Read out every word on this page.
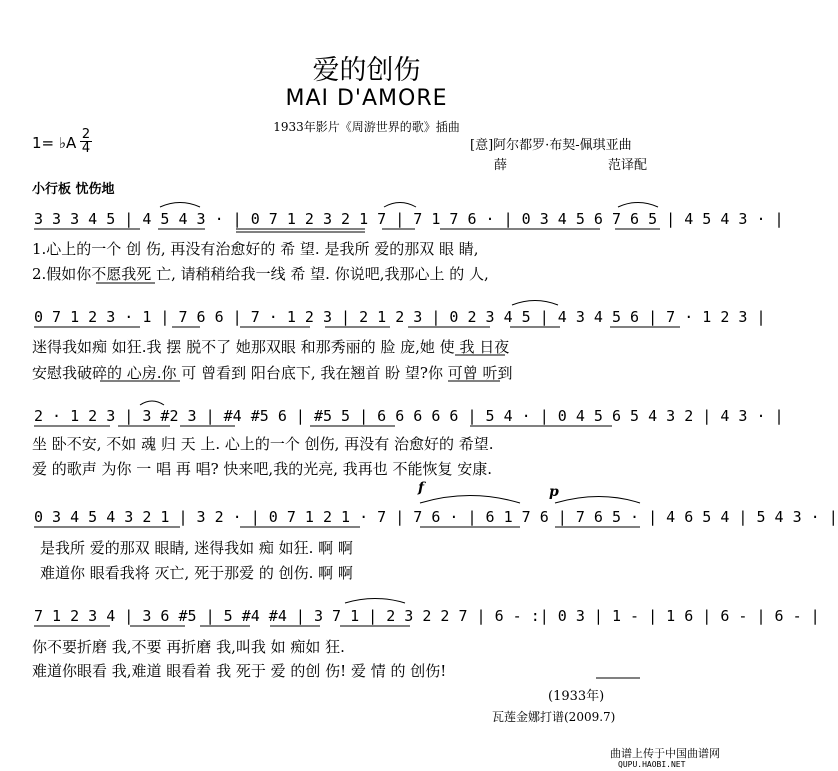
爱的创伤
MAI D'AMORE
1933年影片《周游世界的歌》插曲
1= ♭A 2
4	[意]阿尔都罗·布契-佩琪亚曲
薛	范译配
小行板 忧伤地
3 3 3 4 5 | 4 5 4 3 · | 0 7 1 2 3 2 1 7 | 7 1 7 6 · | 0 3 4 5 6 7 6 5 | 4 5 4 3 · |
1.心上的一个 创 伤, 再没有治愈好的 希 望. 是我所 爱的那双 眼 睛,
2.假如你不愿我死 亡, 请稍稍给我一线 希 望. 你说吧,我那心上 的 人,
0 7 1 2 3 · 1 | 7 6 6 | 7 · 1 2 3 | 2 1 2 3 | 0 2 3 4 5 | 4 3 4 5 6 | 7 · 1 2 3 |
迷得我如痴 如狂.我 摆 脱不了 她那双眼 和那秀丽的 脸 庞,她 使 我 日夜
安慰我破碎的 心房.你 可 曾看到 阳台底下, 我在翘首 盼 望?你 可曾 听到
2 · 1 2 3 | 3 #2 3 | #4 #5 6 | #5 5 | 6 6 6 6 6 | 5 4 · | 0 4 5 6 5 4 3 2 | 4 3 · |
坐 卧不安, 不如 魂 归 天 上. 心上的一个 创伤, 再没有 治愈好的 希望.
爱 的歌声 为你 一 唱 再 唱? 快来吧,我的光亮, 我再也 不能恢复 安康.
f	p
0 3 4 5 4 3 2 1 | 3 2 · | 0 7 1 2 1 · 7 | 7 6 · | 6 1 7 6 | 7 6 5 · | 4 6 5 4 | 5 4 3 · |
是我所 爱的那双 眼睛, 迷得我如 痴 如狂. 啊 啊
难道你 眼看我将 灭亡, 死于那爱 的 创伤. 啊 啊
7 1 2 3 4 | 3 6 #5 | 5 #4 #4 | 3 7 1 | 2 3 2 2 7 | 6 - :| 0 3 | 1 - | 1 6 | 6 - | 6 - |
你不要折磨 我,不要 再折磨 我,叫我 如 痴如 狂.
难道你眼看 我,难道 眼看着 我 死于 爱 的创 伤! 爱 情 的 创伤!
(1933年)
瓦莲金娜打谱(2009.7)
曲谱上传于中国曲谱网
QUPU.HAOBI.NET
